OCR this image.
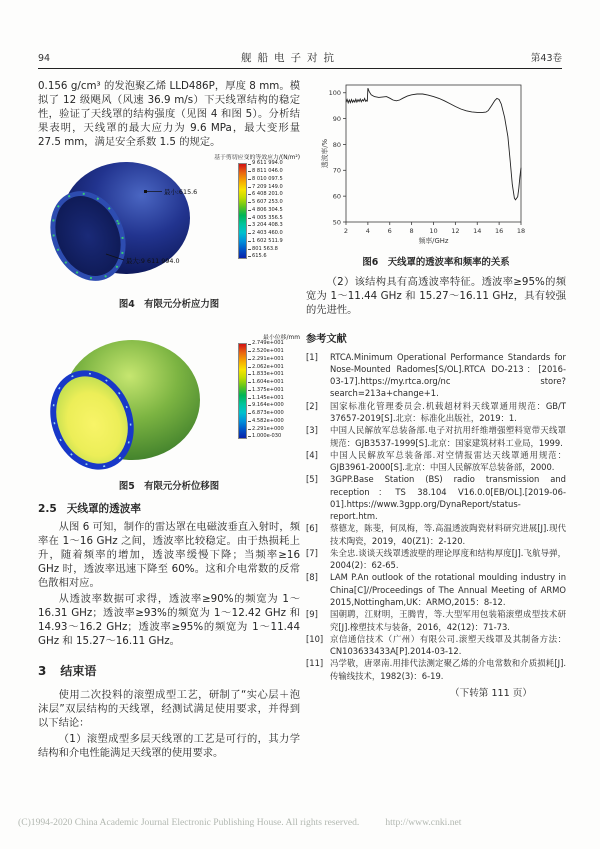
94	舰船电子对抗	第43卷

0.156 g/cm³ 的发泡聚乙烯 LLD486P，厚度 8 mm。模拟了 12 级飓风（风速 36.9 m/s）下天线罩结构的稳定性，验证了天线罩的结构强度（见图 4 和图 5）。分析结果表明，天线罩的最大应力为 9.6 MPa，最大变形量 27.5 mm，满足安全系数 1.5 的规定。

基于剪切应变的等效应力/(N/m²)
9 611 994.0
8 811 046.0
8 010 097.5
7 209 149.0
6 408 201.0
5 607 253.0
4 806 304.5
4 005 356.5
3 204 408.3
2 403 460.0
1 602 511.9
801 563.8
615.6
最小:615.6
最大:9 611 994.0
图4　有限元分析应力图
最小位移/mm
2.749e+001
2.520e+001
2.291e+001
2.062e+001
1.833e+001
1.604e+001
1.375e+001
1.145e+001
9.164e+000
6.873e+000
4.582e+000
2.291e+000
1.000e-030
图5　有限元分析位移图
2.5 天线罩的透波率

从图 6 可知，制作的雷达罩在电磁波垂直入射时，频率在 1～16 GHz 之间，透波率比较稳定。由于热损耗上升，随着频率的增加，透波率缓慢下降；当频率≥16 GHz 时，透波率迅速下降至 60%。这和介电常数的反常色散相对应。

从透波率数据可求得，透波率≥90%的频宽为 1～16.31 GHz；透波率≥93%的频宽为 1～12.42 GHz 和 14.93～16.2 GHz；透波率≥95%的频宽为 1～11.44 GHz 和 15.27～16.11 GHz。

3 结束语

使用二次投料的滚塑成型工艺，研制了“实心层＋泡沫层”双层结构的天线罩，经测试满足使用要求，并得到以下结论：

（1）滚塑成型多层天线罩的工艺是可行的，其力学结构和介电性能满足天线罩的使用要求。

2	4	6	8 10 12 14 16 18
50
60
70
80
90
100
频率/GHz
透波率/%
图6　天线罩的透波率和频率的关系

（2）该结构具有高透波率特征。透波率≥95%的频宽为 1～11.44 GHz 和 15.27～16.11 GHz，具有较强的先进性。

参考文献
[1]	RTCA.Minimum Operational Performance Standards for Nose-Mounted Radomes[S/OL].RTCA DO-213：[2016-03-17].https://my.rtca.org/nc store? search=213a+change+1.
[2]	国家标准化管理委员会.机载超材料天线罩通用规范：GB/T 37657-2019[S].北京：标准化出版社，2019：1.
[3]	中国人民解放军总装备部.电子对抗用纤维增强塑料宽带天线罩规范：GJB3537-1999[S].北京：国家建筑材料工业局，1999.
[4]	中国人民解放军总装备部.对空情报雷达天线罩通用规范：GJB3961-2000[S].北京：中国人民解放军总装备部，2000.
[5]	3GPP.Base Station (BS) radio transmission and reception：TS 38.104 V16.0.0[EB/OL].[2019-06-01].https://www.3gpp.org/DynaReport/status-report.htm.
[6]	蔡德龙，陈斐，何凤梅，等.高温透波陶瓷材料研究进展[J].现代技术陶瓷，2019，40(Z1)：2-120.
[7]	朱全忠.谈谈天线罩透波壁的理论厚度和结构厚度[J].飞航导弹，2004(2)：62-65.
[8]	LAM P.An outlook of the rotational moulding industry in China[C]//Proceedings of The Annual Meeting of ARMO 2015,Nottingham,UK：ARMO,2015：8-12.
[9]	国朝聘，江财明，王腾胄，等.大型军用包装箱滚塑成型技术研究[J].橡塑技术与装备，2016，42(12)：71-73.
[10] 京信通信技术（广州）有限公司.滚塑天线罩及其制备方法：CN103633433A[P].2014-03-12.
[11] 冯学敬，唐翠南.用排代法测定聚乙烯的介电常数和介质损耗[J].传输线技术，1982(3)：6-19.
（下转第 111 页）
(C)1994-2020 China Academic Journal Electronic Publishing House. All rights reserved.	http://www.cnki.net
